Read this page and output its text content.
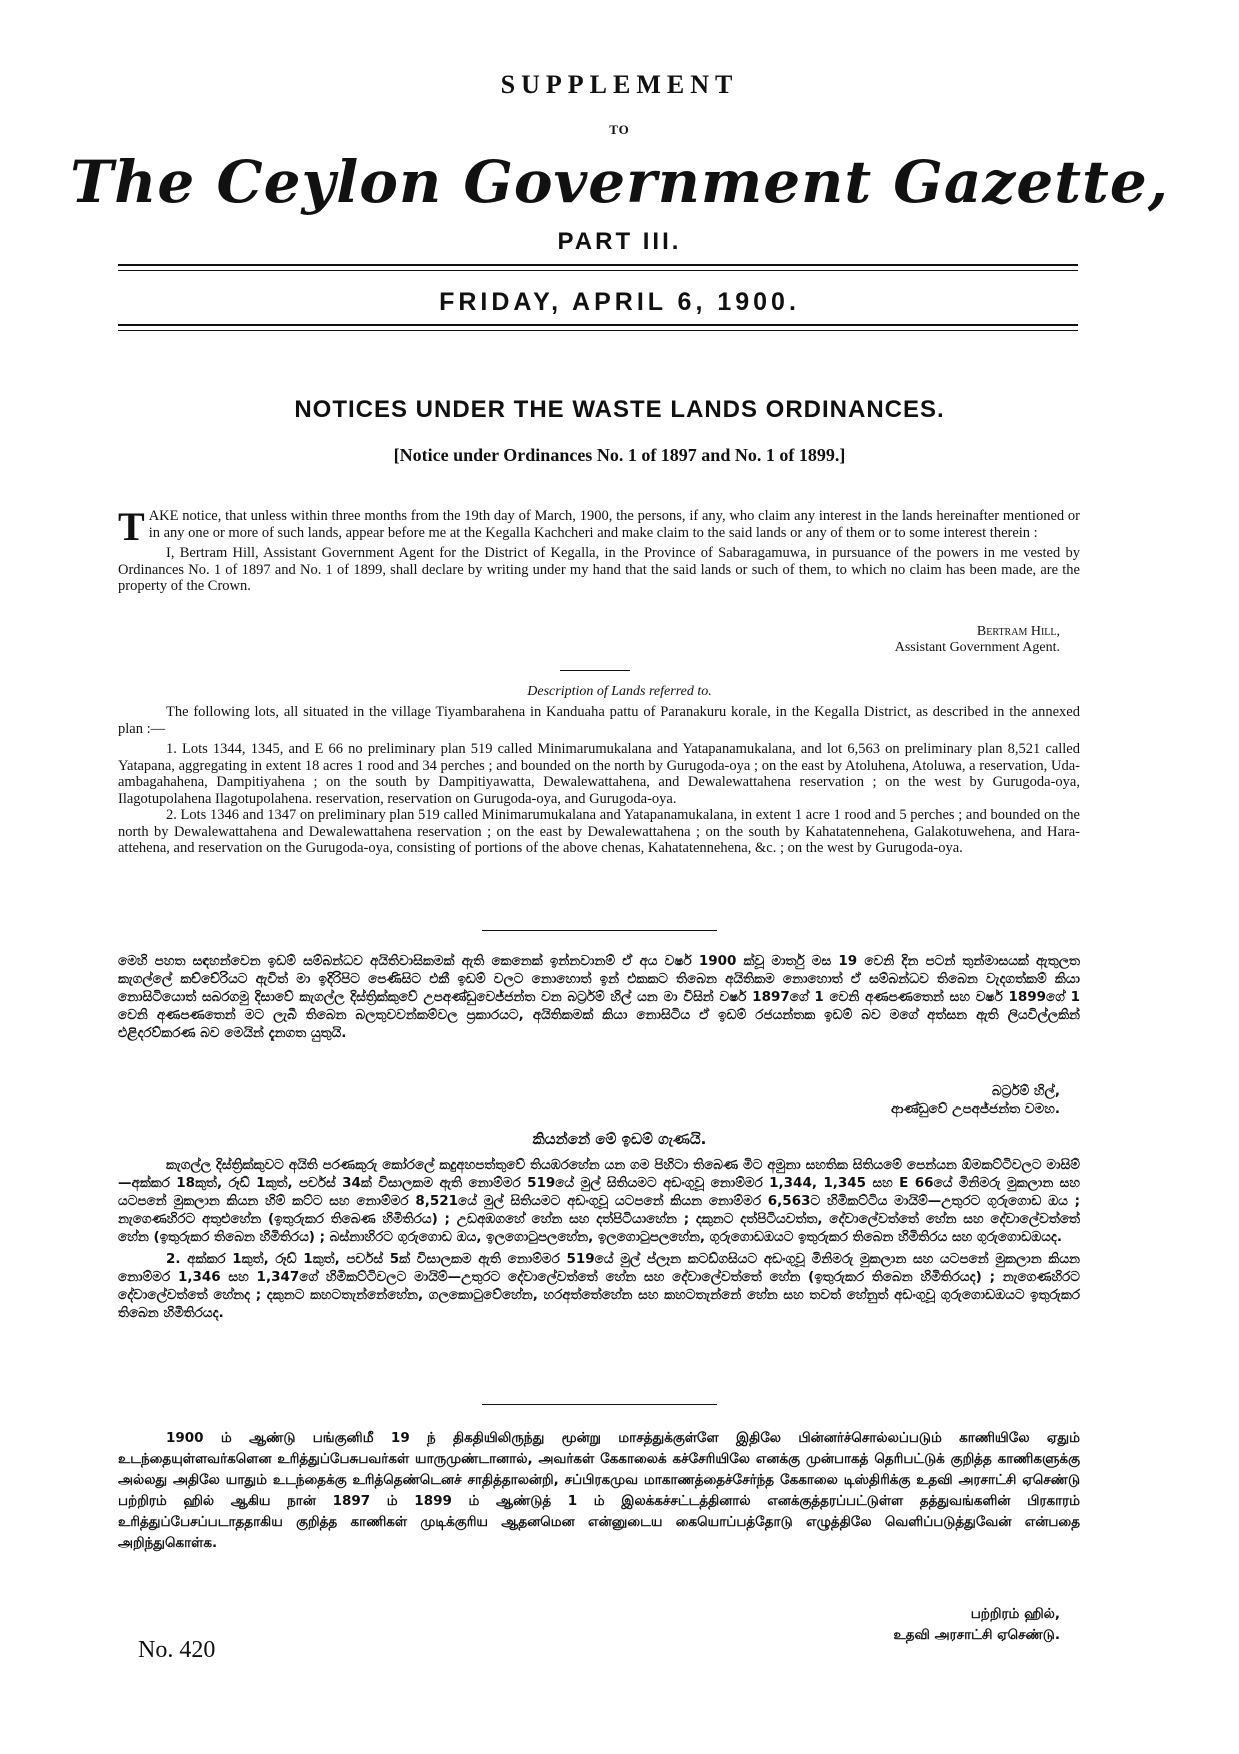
SUPPLEMENT
TO
The Ceylon Government Gazette,
PART III.
FRIDAY, APRIL 6, 1900.
NOTICES UNDER THE WASTE LANDS ORDINANCES.
[Notice under Ordinances No. 1 of 1897 and No. 1 of 1899.]

TAKE notice, that unless within three months from the 19th day of March, 1900, the persons, if any, who claim any interest in the lands hereinafter mentioned or in any one or more of such lands, appear before me at the Kegalla Kachcheri and make claim to the said lands or any of them or to some interest therein :

I, Bertram Hill, Assistant Government Agent for the District of Kegalla, in the Province of Sabaragamuwa, in pursuance of the powers in me vested by Ordinances No. 1 of 1897 and No. 1 of 1899, shall declare by writing under my hand that the said lands or such of them, to which no claim has been made, are the property of the Crown.

Bertram Hill,
Assistant Government Agent.
Description of Lands referred to.

The following lots, all situated in the village Tiyambarahena in Kanduaha pattu of Paranakuru korale, in the Kegalla District, as described in the annexed plan :—

1. Lots 1344, 1345, and E 66 no preliminary plan 519 called Minimarumukalana and Yatapanamukalana, and lot 6,563 on preliminary plan 8,521 called Yatapana, aggregating in extent 18 acres 1 rood and 34 perches ; and bounded on the north by Gurugoda-oya ; on the east by Atoluhena, Atoluwa, a reservation, Uda-ambagahahena, Dampitiyahena ; on the south by Dampitiyawatta, Dewalewattahena, and Dewalewattahena reservation ; on the west by Gurugoda-oya, Ilagotupolahena Ilagotupolahena. reservation, reservation on Gurugoda-oya, and Gurugoda-oya.

2. Lots 1346 and 1347 on preliminary plan 519 called Minimarumukalana and Yatapanamukalana, in extent 1 acre 1 rood and 5 perches ; and bounded on the north by Dewalewattahena and Dewalewattahena reservation ; on the east by Dewalewattahena ; on the south by Kahatatennehena, Galakotuwehena, and Hara-attehena, and reservation on the Gurugoda-oya, consisting of portions of the above chenas, Kahatatennehena, &c. ; on the west by Gurugoda-oya.

මෙහි පහත සඳහන්වෙන ඉඩම් සම්බන්ධව අයිතිවාසිකමක් ඇති කෙනෙක් ඉන්නවානම් ඒ අය වර්ෂ 1900 ක්වූ මාර්තු මස 19 වෙනි දින පටන් තුන්මාසයක් ඇතුලත කැගල්ලේ කච්චේරියට ඇවිත් මා ඉදිරිපිට පෙණිසිට එකී ඉඩම් වලට නොහොත් ඉන් එකකට තිබෙන අයිතිකම නොහොත් ඒ සම්බන්ධව තිබෙන වැදගත්කම් කියා නොසිටියොත් සබරගමු දිසාවේ කැගල්ල දිස්ත්‍රික්කුවේ උපඅණ්ඩුවෙජ්ජන්ත වන බර්ට්‍රම් හිල් යන මා විසින් වර්ෂ 1897ගේ 1 වෙනි අණපණතෙන් සහ වර්ෂ 1899ගේ 1 වෙනි අණපණතෙන් මට ලැබී තිබෙන බලතුවවන්කම්වල ප්‍රකාරයට, අයිතිකමක් කියා නොසිටිය ඒ ඉඩම් රජයන්තක ඉඩම් බව මගේ අත්සන ඇති ලියවිල්ලකින් එළිදරව්කරණ බව මෙයින් දැනගත යුතුයි.

බර්ට්‍රම් හිල්,
ආණ්ඩුවේ උපඅජ්ජන්ත වමහ.
කියන්නේ මේ ඉඩම් ගැණයි.

කැගල්ල දිස්ත්‍රික්කුවට අයිති පරණකුරු කෝරලේ කදුඅහපත්තුවේ තියඹරහේන යන ගම පිහිටා තිබෙණ මිට අමුනා සහතික සිතියමේ පෙන්යන ඕමකට්ටිවලට මාසිම්—අක්කර 18කුත්, රූඩ් 1කුත්, පර්චස් 34ක් විසාලකම ඇති නොම්මර 519යේ මුල් සිතියමට අඩංගුවූ නොම්මර 1,344, 1,345 සහ E 66යේ මිනිමරු මුකලාන සහ යටපනේ මුකලාන කියන හිම් කට්ට සහ නොම්මර 8,521යේ මුල් සිතියමට අඩංගුවූ යටපනේ කියන නොම්මර 6,563ට හිමිකට්ටිය මායිම්—උතුරට ගුරුගොඩ ඔය ; නැගෙණහිරට අතුළුහේන (ඉතුරුකර තිබෙණ හිමිතිරය) ; උඩඅඹගහේ හේන සහ දත්පිටියාහේන ; දකුනට දත්පිටියවත්ත, දේවාලේවත්තේ හේන සහ දේවාලේවත්තේ හේන (ඉතුරුකර තිබෙන හිමිතිරය) ; බස්නාහිරට ගුරුගොඩ ඔය, ඉලගොටුපලහේන, ඉලගොටුපලහේන, ගුරුගොඩඔයට ඉතුරුකර තිබෙන හිමිතිරය සහ ගුරුගොඩඔයද.

2. අක්කර 1කුත්, රූඩ් 1කුත්, පර්චස් 5ක් විසාලකම ඇති නොම්මර 519යේ මුල් ප්ලෑන කටඩ්ගසියට අඩංගුවූ මිනිමරු මුකලාන සහ යටපනේ මුකලාන කියන නොම්මර 1,346 සහ 1,347ගේ හිමිකට්ටිවලට මායිම්—උතුරට දේවාලේවත්තේ හේන සහ දේවාලේවත්තේ හේන (ඉතුරුකර තිබෙන හිමිතිරයද) ; නැගෙණහිරට දේවාලේවත්තේ හේනද ; දකුනට කහටතැන්නේහේන, ගලකොටුවේහේන, හරඅත්තේහේන සහ කහටතැන්නේ හේන සහ තවත් හේනුත් අඩංගුවූ ගුරුගොඩඔයට ඉතුරුකර තිබෙන හිමිතිරයද.

1900 ம் ஆண்டு பங்குனிமீ 19 ந் திகதியிலிருந்து மூன்று மாசத்துக்குள்ளே இதிலே பின்னர்ச்சொல்லப்படும் காணியிலே ஏதும் உடந்தையுள்ளவர்களென உரித்துப்பேசுபவர்கள் யாருமுண்டானால், அவர்கள் கேகாலைக் கச்சேரியிலே எனக்கு முன்பாகத் தெரிபட்டுக் குறித்த காணிகளுக்கு அல்லது அதிலே யாதும் உடந்தைக்கு உரித்தெண்டெனச் சாதித்தாலன்றி, சப்பிரகமுவ மாகாணத்தைச்சேர்ந்த கேகாலை டிஸ்திரிக்கு உதவி அரசாட்சி ஏசெண்டு பற்றிரம் ஹில் ஆகிய நான் 1897 ம் 1899 ம் ஆண்டுத் 1 ம் இலக்கச்சட்டத்தினால் எனக்குத்தரப்பட்டுள்ள தத்துவங்களின் பிரகாரம் உரித்துப்பேசப்படாததாகிய குறித்த காணிகள் முடிக்குரிய ஆதனமென என்னுடைய கையொப்பத்தோடு எழுத்திலே வெளிப்படுத்துவேன் என்பதை அறிந்துகொள்க.

பற்றிரம் ஹில்,
உதவி அரசாட்சி ஏசெண்டு.
No. 420
